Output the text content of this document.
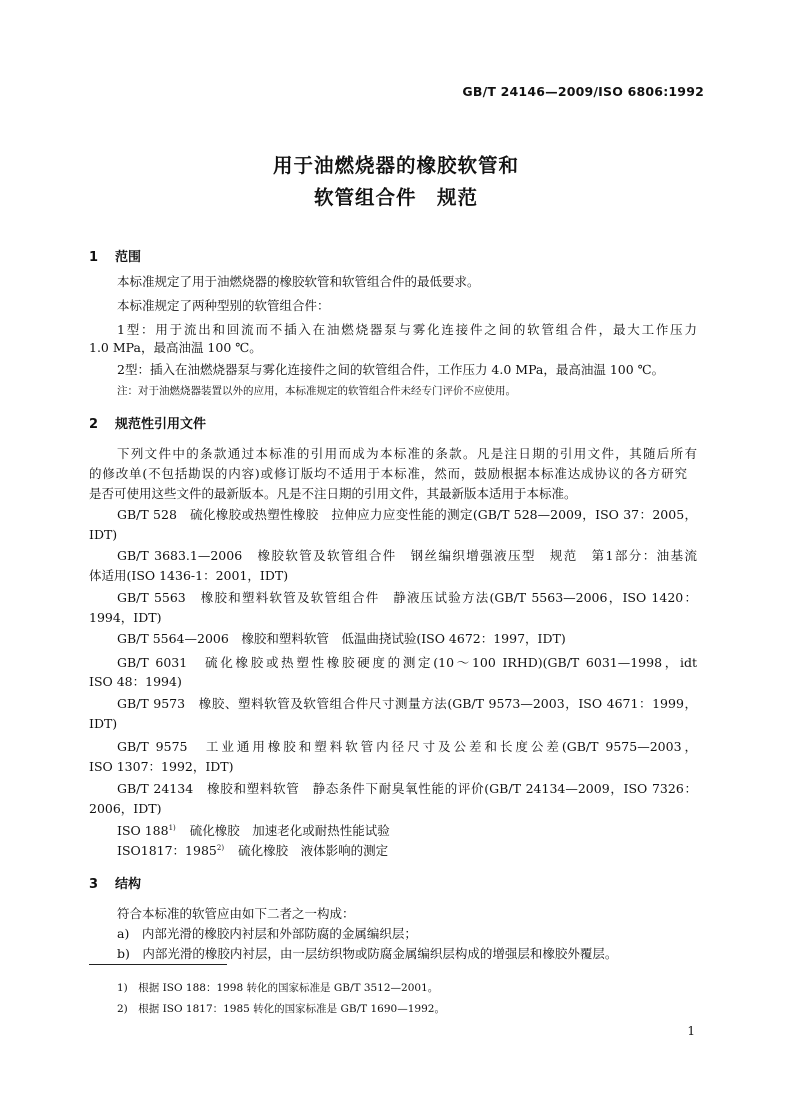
GB/T 24146—2009/ISO 6806:1992
用于油燃烧器的橡胶软管和
软管组合件　规范
1 范围
本标准规定了用于油燃烧器的橡胶软管和软管组合件的最低要求。
本标准规定了两种型别的软管组合件：
1型：用于流出和回流而不插入在油燃烧器泵与雾化连接件之间的软管组合件，最大工作压力
1.0 MPa，最高油温 100 ℃。
2型：插入在油燃烧器泵与雾化连接件之间的软管组合件，工作压力 4.0 MPa，最高油温 100 ℃。
注：对于油燃烧器装置以外的应用，本标准规定的软管组合件未经专门评价不应使用。
2 规范性引用文件
下列文件中的条款通过本标准的引用而成为本标准的条款。凡是注日期的引用文件，其随后所有
的修改单(不包括勘误的内容)或修订版均不适用于本标准，然而，鼓励根据本标准达成协议的各方研究
是否可使用这些文件的最新版本。凡是不注日期的引用文件，其最新版本适用于本标准。
GB/T 528　硫化橡胶或热塑性橡胶　拉伸应力应变性能的测定(GB/T 528—2009，ISO 37：2005，
IDT)
GB/T 3683.1—2006　橡胶软管及软管组合件　钢丝编织增强液压型　规范　第1部分：油基流
体适用(ISO 1436-1：2001，IDT)
GB/T 5563　橡胶和塑料软管及软管组合件　静液压试验方法(GB/T 5563—2006，ISO 1420：
1994，IDT)
GB/T 5564—2006　橡胶和塑料软管　低温曲挠试验(ISO 4672：1997，IDT)
GB/T 6031　硫化橡胶或热塑性橡胶硬度的测定(10～100 IRHD)(GB/T 6031—1998，idt
ISO 48：1994)
GB/T 9573　橡胶、塑料软管及软管组合件尺寸测量方法(GB/T 9573—2003，ISO 4671：1999，
IDT)
GB/T 9575　工业通用橡胶和塑料软管内径尺寸及公差和长度公差(GB/T 9575—2003，
ISO 1307：1992，IDT)
GB/T 24134　橡胶和塑料软管　静态条件下耐臭氧性能的评价(GB/T 24134—2009，ISO 7326：
2006，IDT)
ISO 188$^{1)}$ 硫化橡胶　加速老化或耐热性能试验
ISO1817：1985$^{2)}$ 硫化橡胶　液体影响的测定
3 结构
符合本标准的软管应由如下二者之一构成：
a)　内部光滑的橡胶内衬层和外部防腐的金属编织层；
b)　内部光滑的橡胶内衬层，由一层纺织物或防腐金属编织层构成的增强层和橡胶外覆层。
1)　根据 ISO 188：1998 转化的国家标准是 GB/T 3512—2001。
2)　根据 ISO 1817：1985 转化的国家标准是 GB/T 1690—1992。
1
